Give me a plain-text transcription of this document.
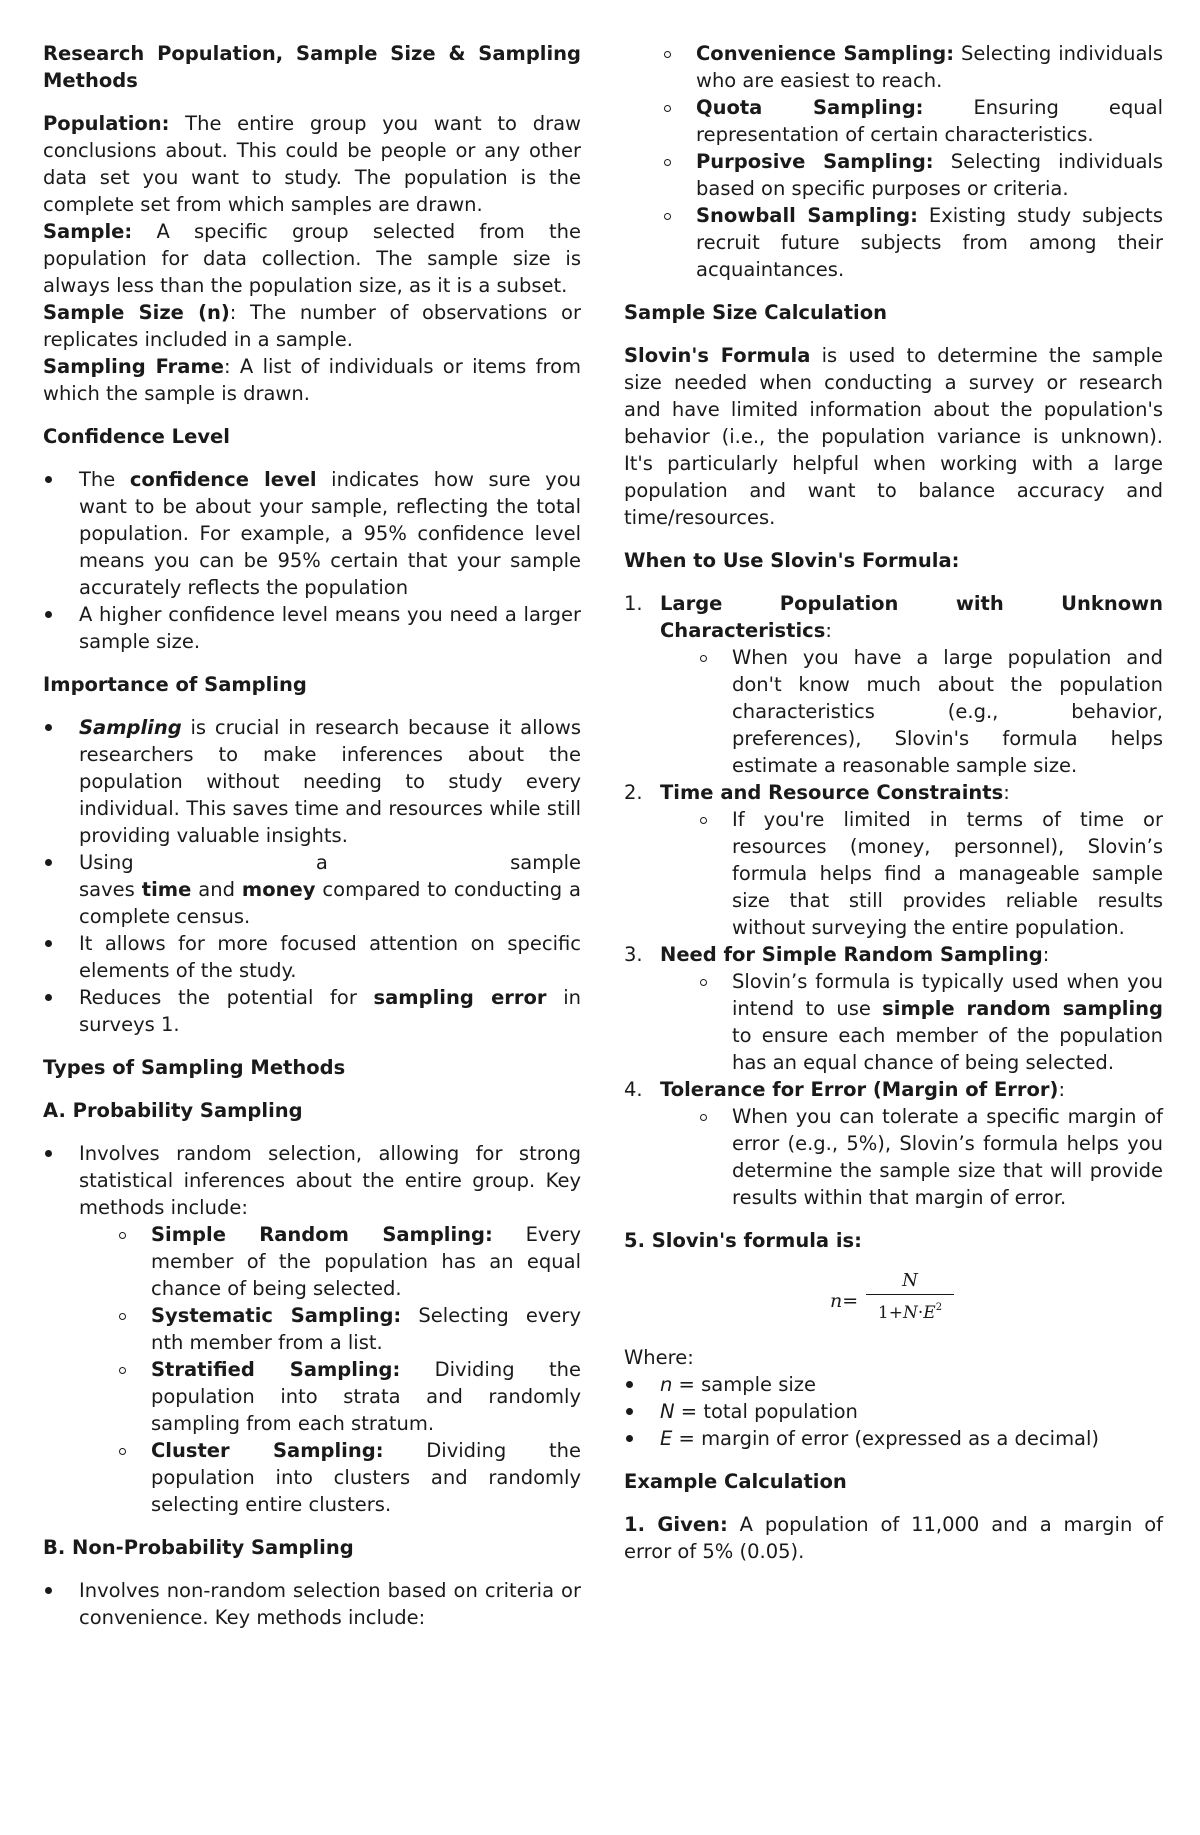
Research Population, Sample Size & Sampling Methods

Population: The entire group you want to draw conclusions about. This could be people or any other data set you want to study. The population is the complete set from which samples are drawn.

Sample: A specific group selected from the population for data collection. The sample size is always less than the population size, as it is a subset.

Sample Size (n): The number of observations or replicates included in a sample.

Sampling Frame: A list of individuals or items from which the sample is drawn.

Confidence Level
The confidence level indicates how sure you want to be about your sample, reflecting the total population. For example, a 95% confidence level means you can be 95% certain that your sample accurately reflects the population
A higher confidence level means you need a larger sample size.
Importance of Sampling
Sampling is crucial in research because it allows researchers to make inferences about the population without needing to study every individual. This saves time and resources while still providing valuable insights.
Using a sample
saves time and money compared to conducting a complete census.
It allows for more focused attention on specific elements of the study.
Reduces the potential for sampling error in surveys 1.
Types of Sampling Methods
A. Probability Sampling
Involves random selection, allowing for strong statistical inferences about the entire group. Key methods include:
Simple Random Sampling: Every member of the population has an equal chance of being selected.
Systematic Sampling: Selecting every nth member from a list.
Stratified Sampling: Dividing the population into strata and randomly sampling from each stratum.
Cluster Sampling: Dividing the population into clusters and randomly selecting entire clusters.
B. Non-Probability Sampling
Involves non-random selection based on criteria or convenience. Key methods include:
Convenience Sampling: Selecting individuals who are easiest to reach.
Quota Sampling: Ensuring equal representation of certain characteristics.
Purposive Sampling: Selecting individuals based on specific purposes or criteria.
Snowball Sampling: Existing study subjects recruit future subjects from among their acquaintances.
Sample Size Calculation

Slovin's Formula is used to determine the sample size needed when conducting a survey or research and have limited information about the population's behavior (i.e., the population variance is unknown). It's particularly helpful when working with a large population and want to balance accuracy and time/resources.

When to Use Slovin's Formula:
1. Large Population with Unknown Characteristics:
When you have a large population and don't know much about the population characteristics (e.g., behavior, preferences), Slovin's formula helps estimate a reasonable sample size.
2. Time and Resource Constraints:
If you're limited in terms of time or resources (money, personnel), Slovin’s formula helps find a manageable sample size that still provides reliable results without surveying the entire population.
3. Need for Simple Random Sampling:
Slovin’s formula is typically used when you intend to use simple random sampling to ensure each member of the population has an equal chance of being selected.
4. Tolerance for Error (Margin of Error):
When you can tolerate a specific margin of error (e.g., 5%), Slovin’s formula helps you determine the sample size that will provide results within that margin of error.
5. Slovin's formula is:
n=
N
$1+N\cdot E^2$

Where:

n = sample size
N = total population
E = margin of error (expressed as a decimal)
Example Calculation

1. Given: A population of 11,000 and a margin of error of 5% (0.05).
